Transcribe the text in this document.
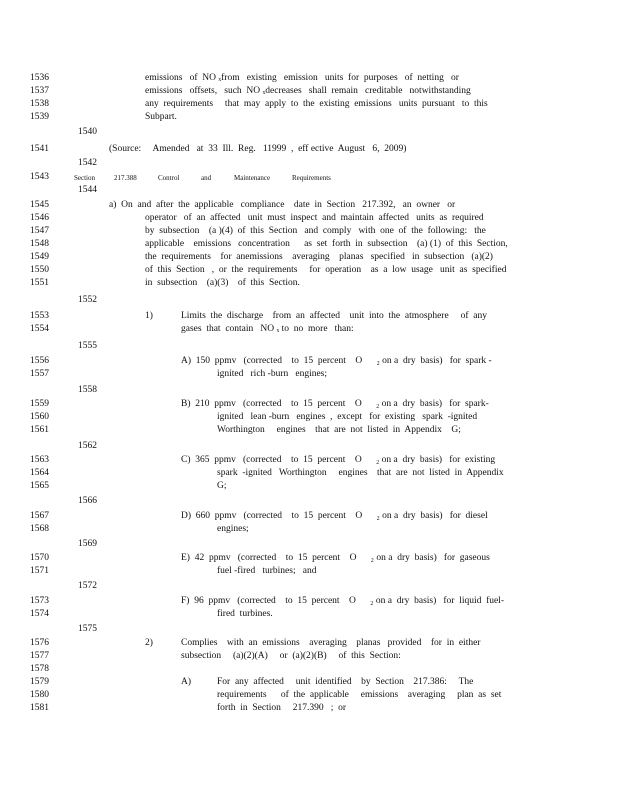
1536	emissions   of  NO ₓfrom   existing   emission   units  for  purposes   of  netting   or
1537	emissions   offsets,   such  NO ₓdecreases   shall  remain   creditable   notwithstanding
1538	any  requirements     that  may  apply  to  the  existing  emissions   units  pursuant   to  this
1539	Subpart.
1540
1541	(Source:     Amended   at  33  Ill.  Reg.   11999  ,  eff ective  August   6,  2009)
1542
1543	Section	217.388	Control	and	Maintenance	Requirements
1544
1545	a)  On  and  after  the  applicable   compliance    date  in  Section   217.392,   an  owner   or
1546	operator   of  an  affected   unit  must  inspect  and  maintain  affected   units  as  required
1547	by  subsection    (a )(4)  of  this  Section   and  comply   with  one  of  the  following:   the
1548	applicable    emissions   concentration      as  set  forth  in  subsection    (a) (1)  of  this  Section,
1549	the  requirements    for  anemissions    averaging    planas   specified   in  subsection   (a)(2)
1550	of  this  Section   ,  or  the  requirements     for  operation    as  a  low  usage   unit  as  specified
1551	in  subsection    (a)(3)    of  this  Section.
1552
1553	1)	Limits  the  discharge    from  an  affected    unit  into  the  atmosphere     of  any
1554	gases  that  contain   NO ₓ to  no  more   than:
1555
1556	A)  150  ppmv   (corrected    to  15  percent    O      ₂ on a  dry  basis)   for  spark -
1557	ignited   rich -burn   engines;
1558
1559	B)  210  ppmv   (corrected    to  15  percent    O      ₂ on a  dry  basis)   for  spark-
1560	ignited   lean -burn   engines  ,  except   for  existing   spark  -ignited
1561	Worthington     engines    that  are  not  listed  in  Appendix    G;
1562
1563	C)  365  ppmv   (corrected    to  15  percent    O      ₂ on a  dry  basis)   for  existing
1564	spark  -ignited   Worthington     engines    that  are  not  listed  in  Appendix
1565	G;
1566
1567	D)  660  ppmv   (corrected    to  15  percent    O      ₂ on a  dry  basis)   for  diesel
1568	engines;
1569
1570	E)  42  ppmv   (corrected    to  15  percent    O      ₂ on a  dry  basis)   for  gaseous
1571	fuel -fired   turbines;   and
1572
1573	F)  96  ppmv   (corrected    to  15  percent    O      ₂ on a  dry  basis)   for  liquid  fuel-
1574	fired  turbines.
1575
1576	2)	Complies    with  an  emissions    averaging    planas   provided    for  in  either
1577	subsection     (a)(2)(A)     or  (a)(2)(B)     of  this  Section:
1578
1579	A)	For  any  affected     unit  identified    by  Section    217.386:     The
1580	requirements      of  the  applicable     emissions    averaging     plan  as  set
1581	forth  in  Section     217.390   ;  or
